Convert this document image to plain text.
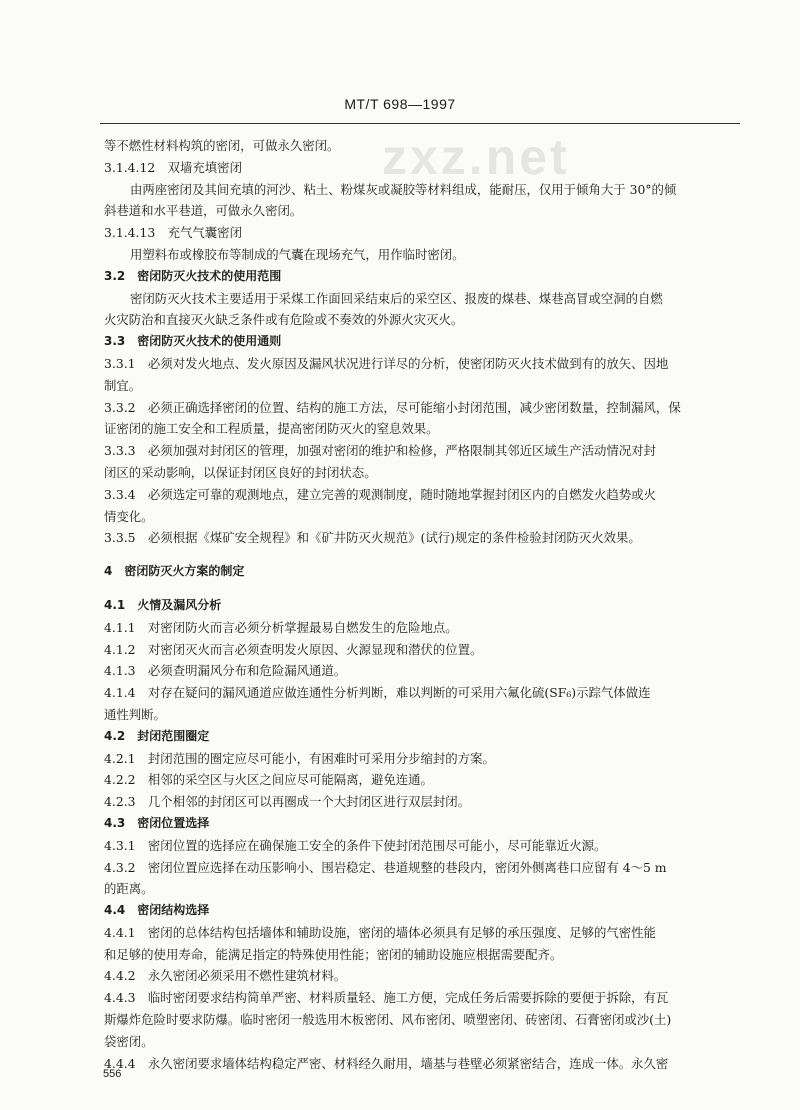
MT/T 698—1997
zxz.net
等不燃性材料构筑的密闭，可做永久密闭。
3.1.4.12　双墙充填密闭
由两座密闭及其间充填的河沙、粘土、粉煤灰或凝胶等材料组成，能耐压，仅用于倾角大于 30°的倾
斜巷道和水平巷道，可做永久密闭。
3.1.4.13　充气气囊密闭
用塑料布或橡胶布等制成的气囊在现场充气，用作临时密闭。
3.2　密闭防灭火技术的使用范围
密闭防灭火技术主要适用于采煤工作面回采结束后的采空区、报废的煤巷、煤巷高冒或空洞的自燃
火灾防治和直接灭火缺乏条件或有危险或不奏效的外源火灾灭火。
3.3　密闭防灭火技术的使用通则
3.3.1　必须对发火地点、发火原因及漏风状况进行详尽的分析，使密闭防灭火技术做到有的放矢、因地
制宜。
3.3.2　必须正确选择密闭的位置、结构的施工方法，尽可能缩小封闭范围，减少密闭数量，控制漏风，保
证密闭的施工安全和工程质量，提高密闭防灭火的窒息效果。
3.3.3　必须加强对封闭区的管理，加强对密闭的维护和检修，严格限制其邻近区域生产活动情况对封
闭区的采动影响，以保证封闭区良好的封闭状态。
3.3.4　必须选定可靠的观测地点，建立完善的观测制度，随时随地掌握封闭区内的自燃发火趋势或火
情变化。
3.3.5　必须根据《煤矿安全规程》和《矿井防灭火规范》(试行)规定的条件检验封闭防灭火效果。
4　密闭防灭火方案的制定
4.1　火情及漏风分析
4.1.1　对密闭防火而言必须分析掌握最易自燃发生的危险地点。
4.1.2　对密闭灭火而言必须查明发火原因、火源显现和潜伏的位置。
4.1.3　必须查明漏风分布和危险漏风通道。
4.1.4　对存在疑问的漏风通道应做连通性分析判断，难以判断的可采用六氟化硫(SF₆)示踪气体做连
通性判断。
4.2　封闭范围圈定
4.2.1　封闭范围的圈定应尽可能小，有困难时可采用分步缩封的方案。
4.2.2　相邻的采空区与火区之间应尽可能隔离，避免连通。
4.2.3　几个相邻的封闭区可以再圈成一个大封闭区进行双层封闭。
4.3　密闭位置选择
4.3.1　密闭位置的选择应在确保施工安全的条件下使封闭范围尽可能小，尽可能靠近火源。
4.3.2　密闭位置应选择在动压影响小、围岩稳定、巷道规整的巷段内，密闭外侧离巷口应留有 4～5 m
的距离。
4.4　密闭结构选择
4.4.1　密闭的总体结构包括墙体和辅助设施，密闭的墙体必须具有足够的承压强度、足够的气密性能
和足够的使用寿命，能满足指定的特殊使用性能；密闭的辅助设施应根据需要配齐。
4.4.2　永久密闭必须采用不燃性建筑材料。
4.4.3　临时密闭要求结构简单严密、材料质量轻、施工方便，完成任务后需要拆除的要便于拆除，有瓦
斯爆炸危险时要求防爆。临时密闭一般选用木板密闭、风布密闭、喷塑密闭、砖密闭、石膏密闭或沙(土)
袋密闭。
4.4.4　永久密闭要求墙体结构稳定严密、材料经久耐用，墙基与巷壁必须紧密结合，连成一体。永久密
556
